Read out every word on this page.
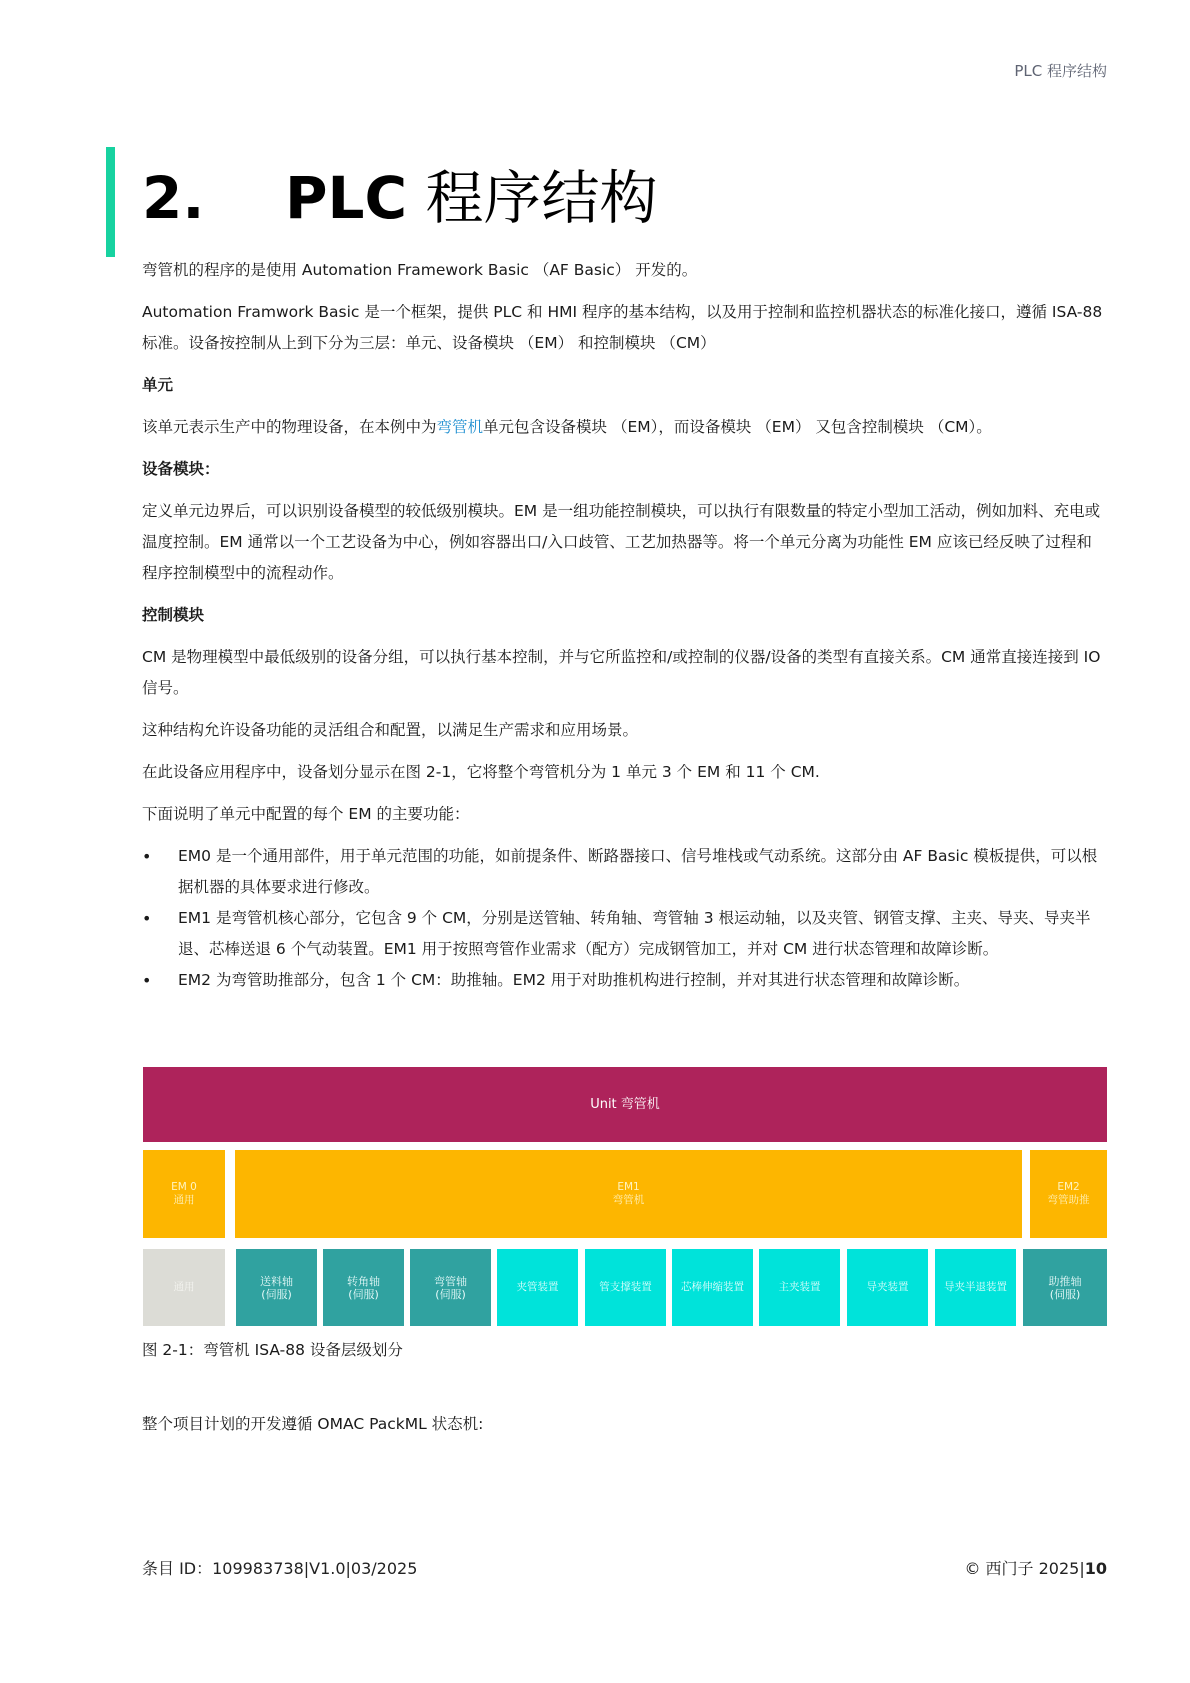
PLC 程序结构
2. PLC 程序结构

弯管机的程序的是使用 Automation Framework Basic （AF Basic） 开发的。

Automation Framwork Basic 是一个框架，提供 PLC 和 HMI 程序的基本结构，以及用于控制和监控机器状态的标准化接口，遵循 ISA-88 标准。设备按控制从上到下分为三层：单元、设备模块 （EM） 和控制模块 （CM）

单元

该单元表示生产中的物理设备，在本例中为弯管机单元包含设备模块 （EM），而设备模块 （EM） 又包含控制模块 （CM）。

设备模块：

定义单元边界后，可以识别设备模型的较低级别模块。EM 是一组功能控制模块，可以执行有限数量的特定小型加工活动，例如加料、充电或温度控制。EM 通常以一个工艺设备为中心，例如容器出口/入口歧管、工艺加热器等。将一个单元分离为功能性 EM 应该已经反映了过程和程序控制模型中的流程动作。

控制模块

CM 是物理模型中最低级别的设备分组，可以执行基本控制，并与它所监控和/或控制的仪器/设备的类型有直接关系。CM 通常直接连接到 IO 信号。

这种结构允许设备功能的灵活组合和配置，以满足生产需求和应用场景。

在此设备应用程序中，设备划分显示在图 2-1，它将整个弯管机分为 1 单元 3 个 EM 和 11 个 CM.

下面说明了单元中配置的每个 EM 的主要功能：

• EM0 是一个通用部件，用于单元范围的功能，如前提条件、断路器接口、信号堆栈或气动系统。这部分由 AF Basic 模板提供，可以根据机器的具体要求进行修改。
• EM1 是弯管机核心部分，它包含 9 个 CM，分别是送管轴、转角轴、弯管轴 3 根运动轴，以及夹管、钢管支撑、主夹、导夹、导夹半退、芯棒送退 6 个气动装置。EM1 用于按照弯管作业需求（配方）完成钢管加工，并对 CM 进行状态管理和故障诊断。
• EM2 为弯管助推部分，包含 1 个 CM：助推轴。EM2 用于对助推机构进行控制，并对其进行状态管理和故障诊断。
Unit 弯管机
EM 0
通用
EM1
弯管机
EM2
弯管助推
通用	送料轴
(伺服)
转角轴
(伺服)
弯管轴
(伺服)
夹管装置	管支撑装置	芯棒伸缩装置	主夹装置	导夹装置	导夹半退装置	助推轴
(伺服)
图 2-1：弯管机 ISA-88 设备层级划分
整个项目计划的开发遵循 OMAC PackML 状态机:
条目 ID：109983738|V1.0|03/2025	© 西门子 2025|10
